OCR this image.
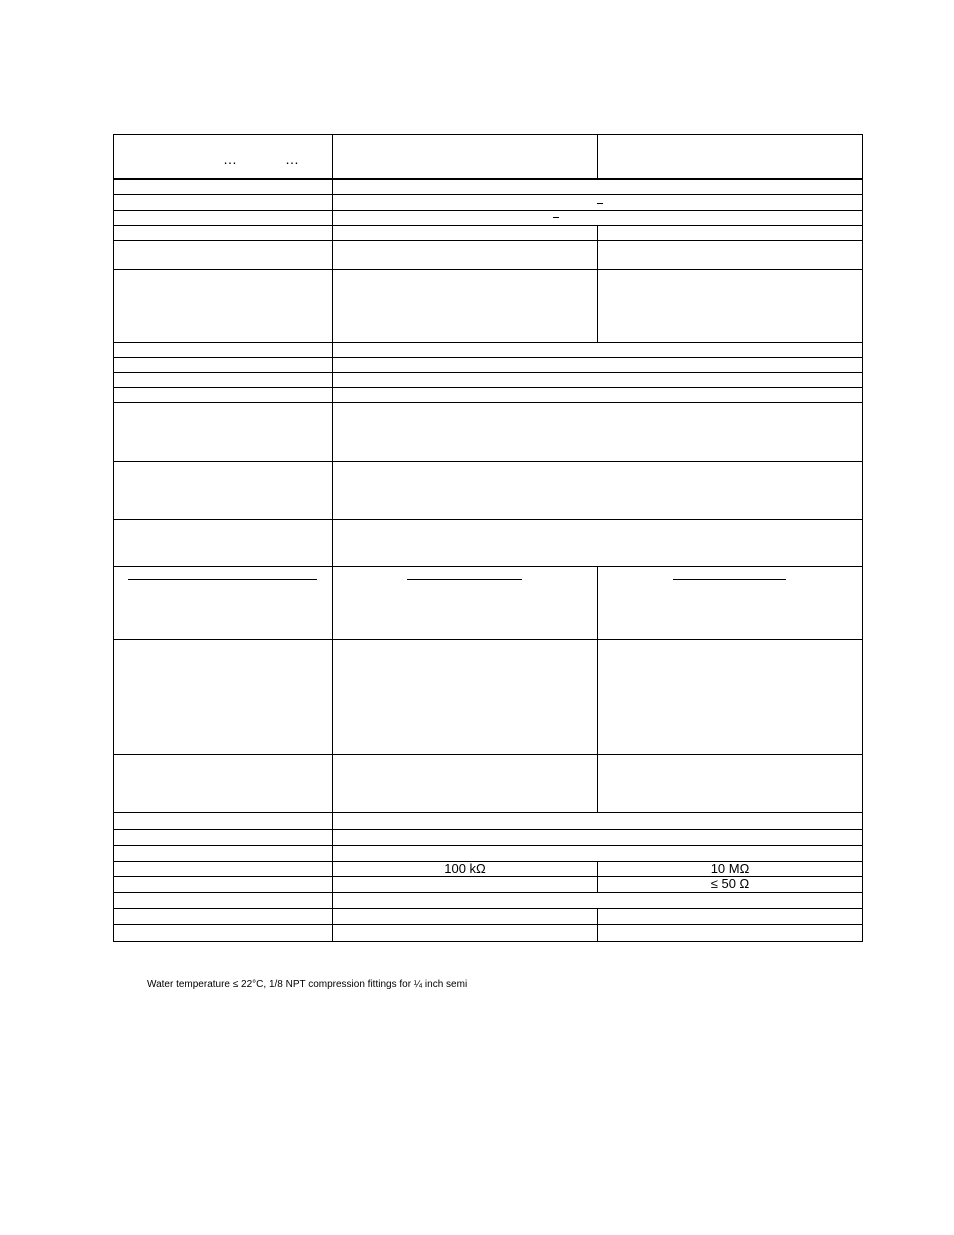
…	…
100 kΩ	10 MΩ
≤ 50 Ω
Water temperature ≤ 22°C, 1/8 NPT compression fittings for ¼ inch semi
